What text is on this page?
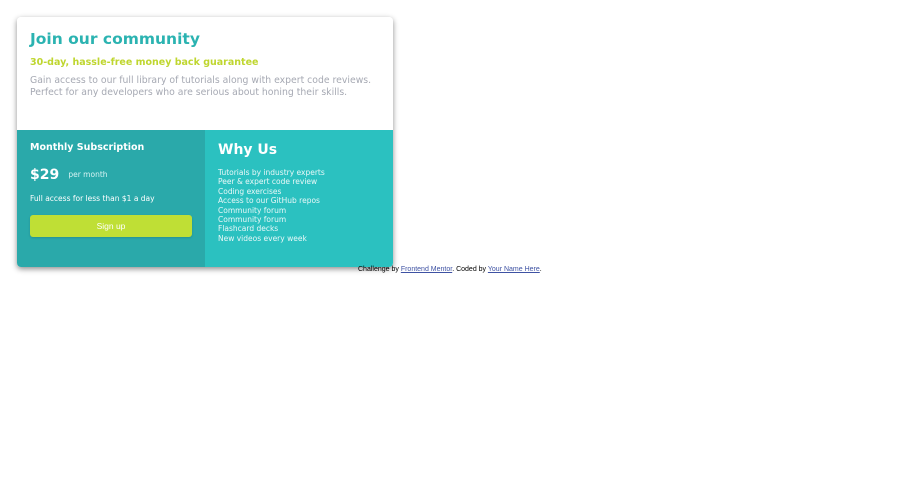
Join our community

30-day, hassle-free money back guarantee

Gain access to our full library of tutorials along with expert code reviews. Perfect for any developers who are serious about honing their skills.

Monthly Subscription
$29 per month

Full access for less than $1 a day

Sign up
Why Us
Tutorials by industry experts
Peer & expert code review
Coding exercises
Access to our GitHub repos
Community forum
Community forum
Flashcard decks
New videos every week
Challenge by Frontend Mentor. Coded by Your Name Here.
